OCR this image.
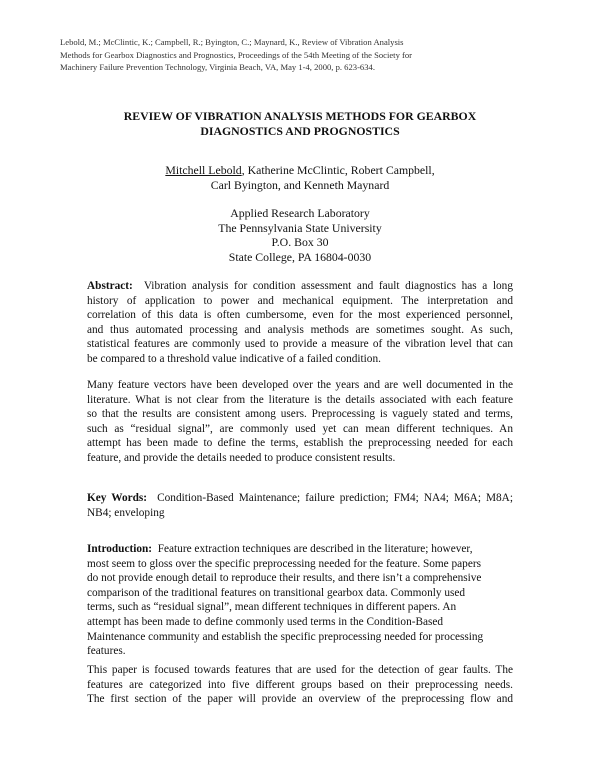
Lebold, M.; McClintic, K.; Campbell, R.; Byington, C.; Maynard, K., Review of Vibration Analysis
Methods for Gearbox Diagnostics and Prognostics, Proceedings of the 54th Meeting of the Society for
Machinery Failure Prevention Technology, Virginia Beach, VA, May 1-4, 2000, p. 623-634.
REVIEW OF VIBRATION ANALYSIS METHODS FOR GEARBOX
DIAGNOSTICS AND PROGNOSTICS
Mitchell Lebold, Katherine McClintic, Robert Campbell,
Carl Byington, and Kenneth Maynard
Applied Research Laboratory
The Pennsylvania State University
P.O. Box 30
State College, PA 16804-0030
Abstract: Vibration analysis for condition assessment and fault diagnostics has a long
history of application to power and mechanical equipment. The interpretation and
correlation of this data is often cumbersome, even for the most experienced personnel,
and thus automated processing and analysis methods are sometimes sought. As such,
statistical features are commonly used to provide a measure of the vibration level that can
be compared to a threshold value indicative of a failed condition.
Many feature vectors have been developed over the years and are well documented in the
literature. What is not clear from the literature is the details associated with each feature
so that the results are consistent among users. Preprocessing is vaguely stated and terms,
such as “residual signal”, are commonly used yet can mean different techniques. An
attempt has been made to define the terms, establish the preprocessing needed for each
feature, and provide the details needed to produce consistent results.
Key Words: Condition-Based Maintenance; failure prediction; FM4; NA4; M6A; M8A;
NB4; enveloping
Introduction: Feature extraction techniques are described in the literature; however,
most seem to gloss over the specific preprocessing needed for the feature. Some papers
do not provide enough detail to reproduce their results, and there isn’t a comprehensive
comparison of the traditional features on transitional gearbox data. Commonly used
terms, such as “residual signal”, mean different techniques in different papers. An
attempt has been made to define commonly used terms in the Condition-Based
Maintenance community and establish the specific preprocessing needed for processing
features.
This paper is focused towards features that are used for the detection of gear faults. The
features are categorized into five different groups based on their preprocessing needs.
The first section of the paper will provide an overview of the preprocessing flow and
